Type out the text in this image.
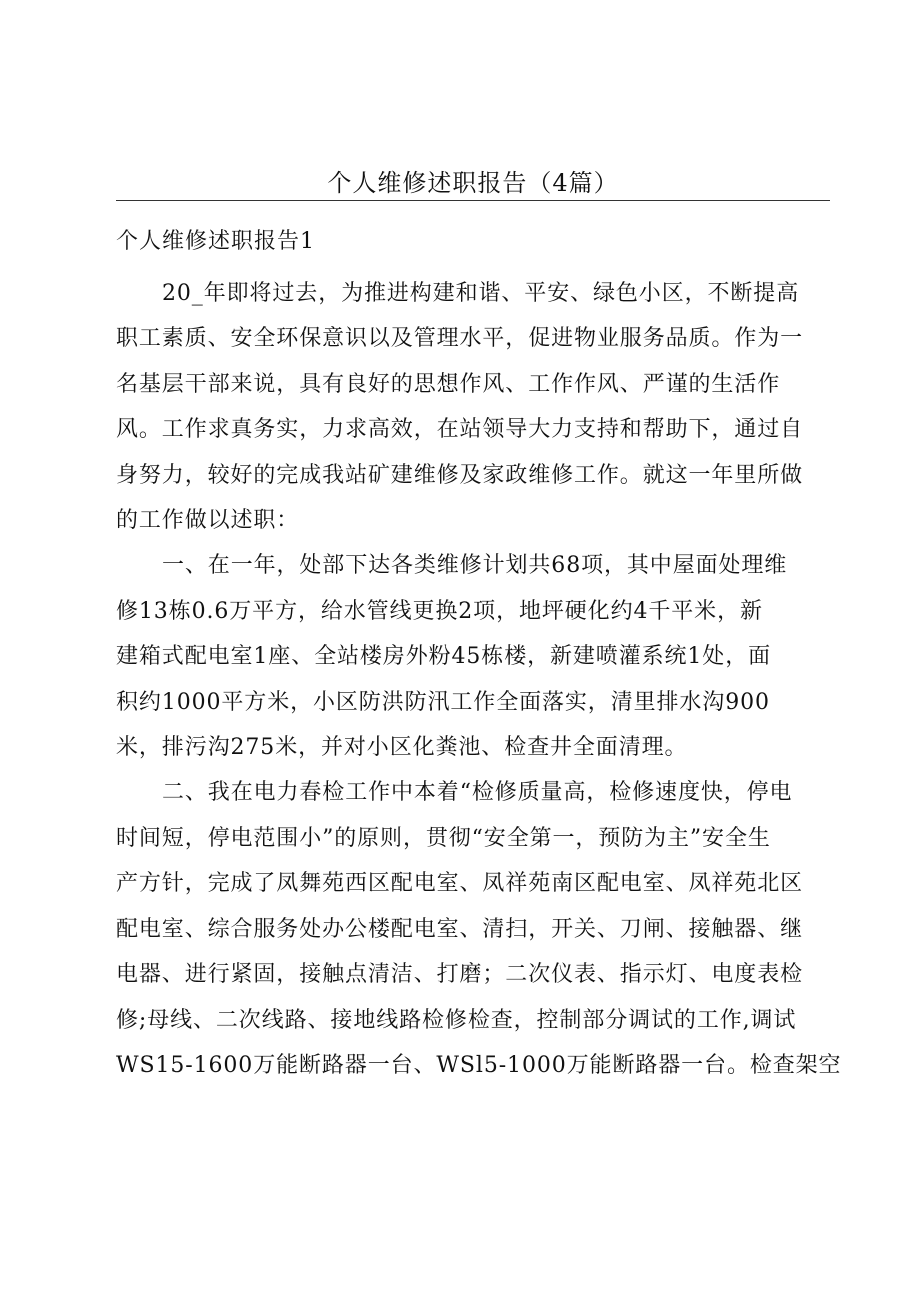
个人维修述职报告（4篇）
个人维修述职报告1

20_年即将过去，为推进构建和谐、平安、绿色小区，不断提高
职工素质、安全环保意识以及管理水平，促进物业服务品质。作为一
名基层干部来说，具有良好的思想作风、工作作风、严谨的生活作
风。工作求真务实，力求高效，在站领导大力支持和帮助下，通过自
身努力，较好的完成我站矿建维修及家政维修工作。就这一年里所做
的工作做以述职：

一、在一年，处部下达各类维修计划共68项，其中屋面处理维
修13栋0.6万平方，给水管线更换2项，地坪硬化约4千平米，新
建箱式配电室1座、全站楼房外粉45栋楼，新建喷灌系统1处，面
积约1000平方米，小区防洪防汛工作全面落实，清里排水沟900
米，排污沟275米，并对小区化粪池、检查井全面清理。

二、我在电力春检工作中本着“检修质量高，检修速度快，停电
时间短，停电范围小”的原则，贯彻“安全第一，预防为主”安全生
产方针，完成了凤舞苑西区配电室、凤祥苑南区配电室、凤祥苑北区
配电室、综合服务处办公楼配电室、清扫，开关、刀闸、接触器、继
电器、进行紧固，接触点清洁、打磨；二次仪表、指示灯、电度表检
修;母线、二次线路、接地线路检修检查，控制部分调试的工作,调试
WS15-1600万能断路器一台、WSl5-1000万能断路器一台。检查架空
